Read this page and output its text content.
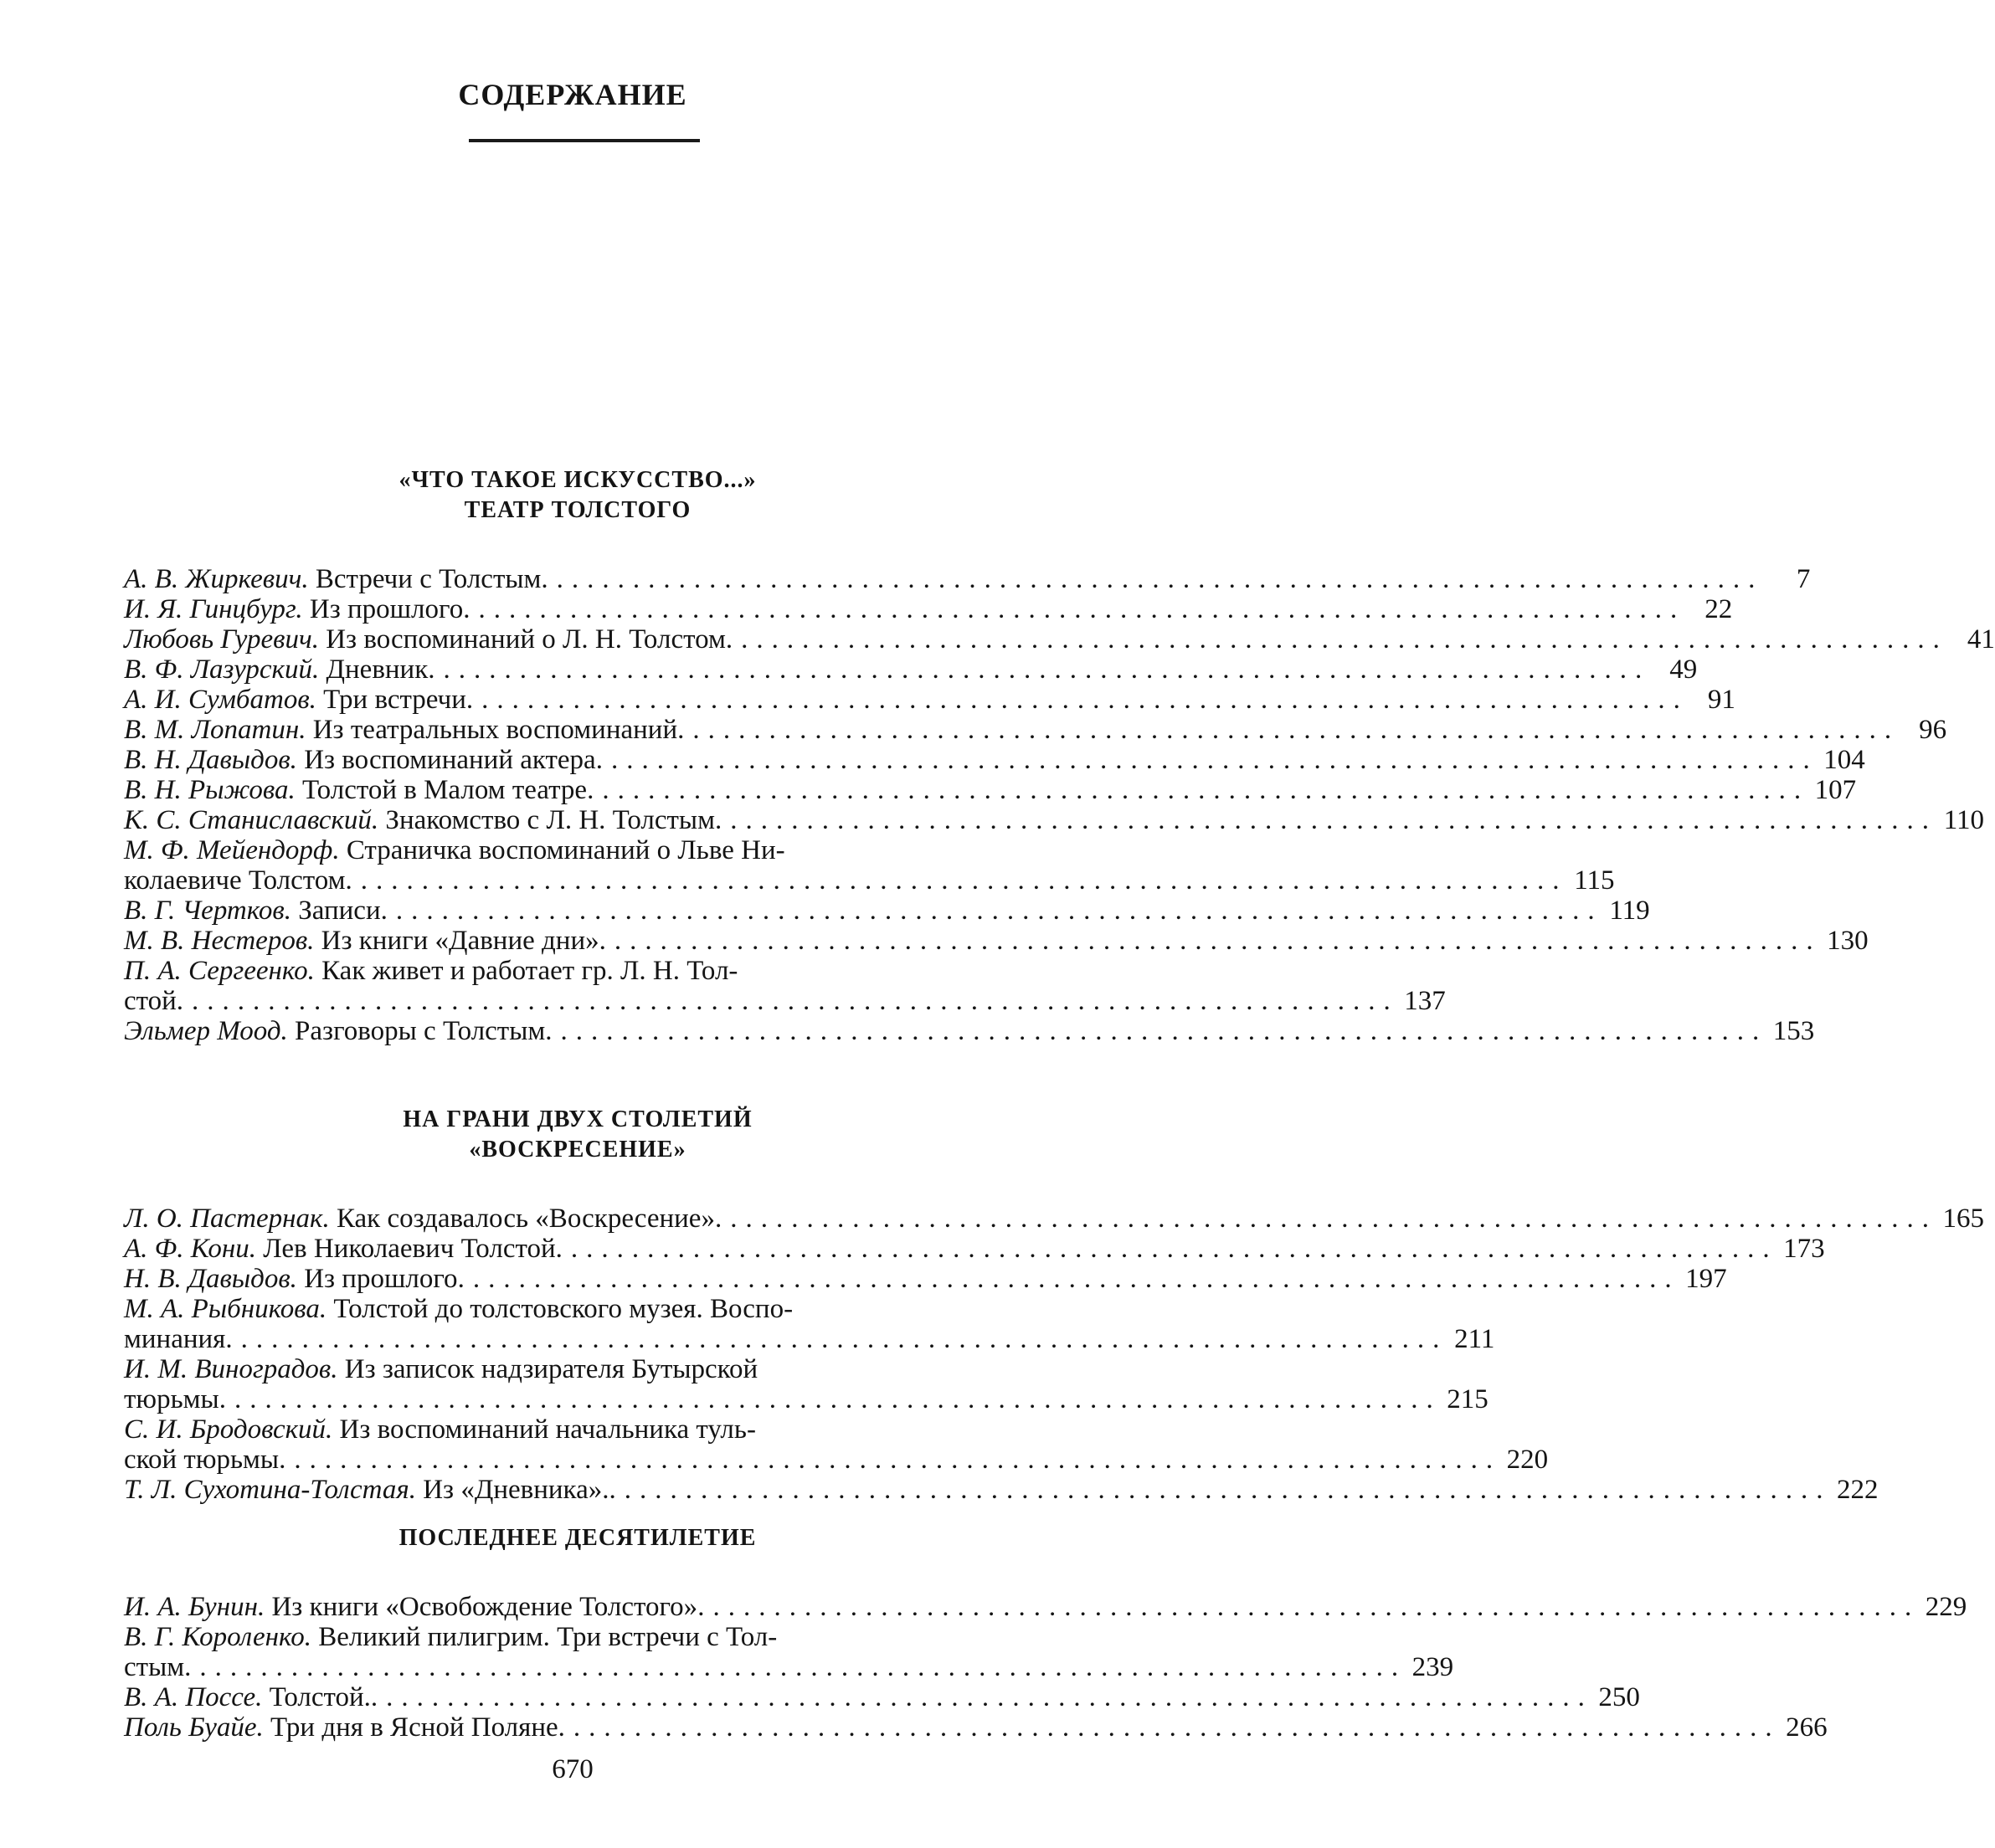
СОДЕРЖАНИЕ
«ЧТО ТАКОЕ ИСКУССТВО...»
ТЕАТР ТОЛСТОГО
А. В. Жиркевич. Встречи с Толстым ................................................................................	7
И. Я. Гинцбург. Из прошлого ................................................................................ 22
Любовь Гуревич. Из воспоминаний о Л. Н. Толстом ................................................................................ 41
В. Ф. Лазурский. Дневник ................................................................................ 49
А. И. Сумбатов. Три встречи ................................................................................ 91
В. М. Лопатин. Из театральных воспоминаний ................................................................................ 96
В. Н. Давыдов. Из воспоминаний актера ................................................................................ 104
В. Н. Рыжова. Толстой в Малом театре ................................................................................ 107
К. С. Станиславский. Знакомство с Л. Н. Толстым ................................................................................ 110
М. Ф. Мейендорф. Страничка воспоминаний о Льве Ни-
колаевиче Толстом ................................................................................ 115
В. Г. Чертков. Записи ................................................................................ 119
М. В. Нестеров. Из книги «Давние дни» ................................................................................ 130
П. А. Сергеенко. Как живет и работает гр. Л. Н. Тол-
стой ................................................................................ 137
Эльмер Моод. Разговоры с Толстым ................................................................................ 153
НА ГРАНИ ДВУХ СТОЛЕТИЙ
«ВОСКРЕСЕНИЕ»
Л. О. Пастернак. Как создавалось «Воскресение» ................................................................................ 165
А. Ф. Кони. Лев Николаевич Толстой ................................................................................ 173
Н. В. Давыдов. Из прошлого ................................................................................ 197
М. А. Рыбникова. Толстой до толстовского музея. Воспо-
минания ................................................................................ 211
И. М. Виноградов. Из записок надзирателя Бутырской
тюрьмы ................................................................................ 215
С. И. Бродовский. Из воспоминаний начальника туль-
ской тюрьмы ................................................................................ 220
Т. Л. Сухотина-Толстая. Из «Дневника». ................................................................................ 222
ПОСЛЕДНЕЕ ДЕСЯТИЛЕТИЕ
И. А. Бунин. Из книги «Освобождение Толстого» ................................................................................ 229
В. Г. Короленко. Великий пилигрим. Три встречи с Тол-
стым ................................................................................ 239
В. А. Поссе. Толстой. ................................................................................ 250
Поль Буайе. Три дня в Ясной Поляне ................................................................................ 266
670
